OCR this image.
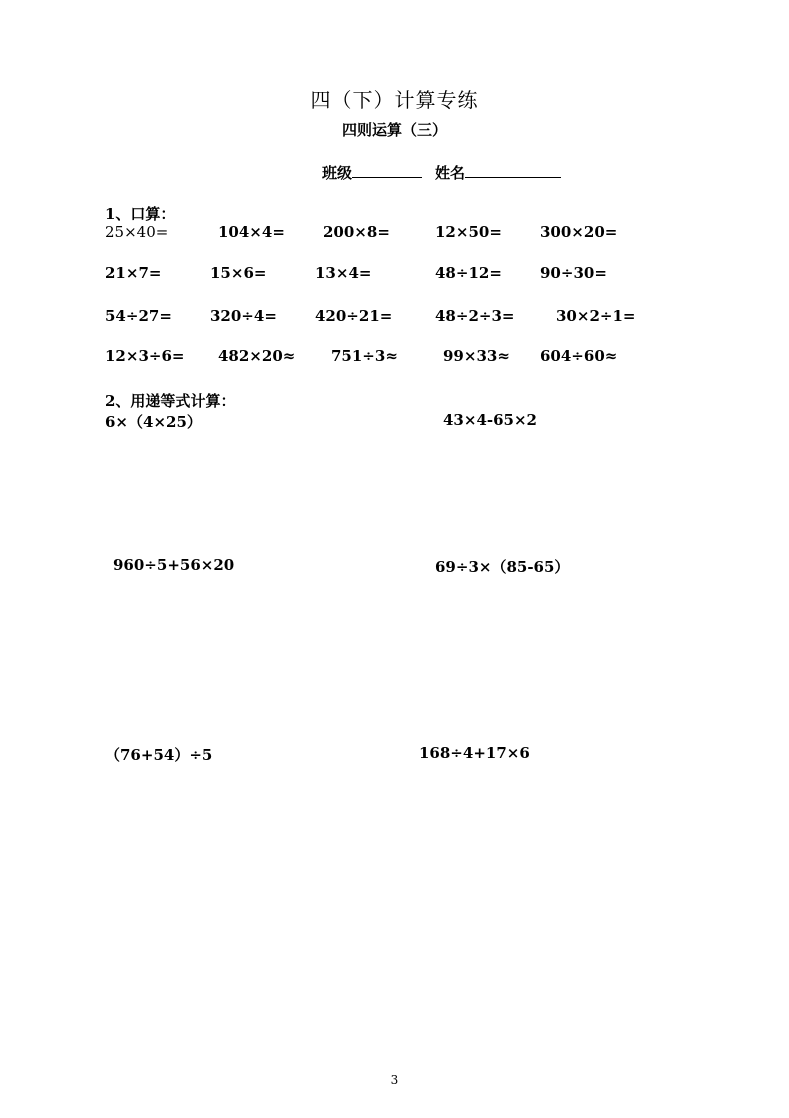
四（下）计算专练
四则运算（三）
班级	姓名
1、口算：
25×40=	104×4=	200×8=	12×50=	300×20=
21×7=	15×6=	13×4=	48÷12=	90÷30=
54÷27=	320÷4=	420÷21=	48÷2÷3=	30×2÷1=
12×3÷6= 482×20≈ 751÷3≈	99×33≈ 604÷60≈
2、用递等式计算：
6×（4×25）	43×4-65×2
960÷5+56×20	69÷3×（85-65）
（76+54）÷5	168÷4+17×6
3
